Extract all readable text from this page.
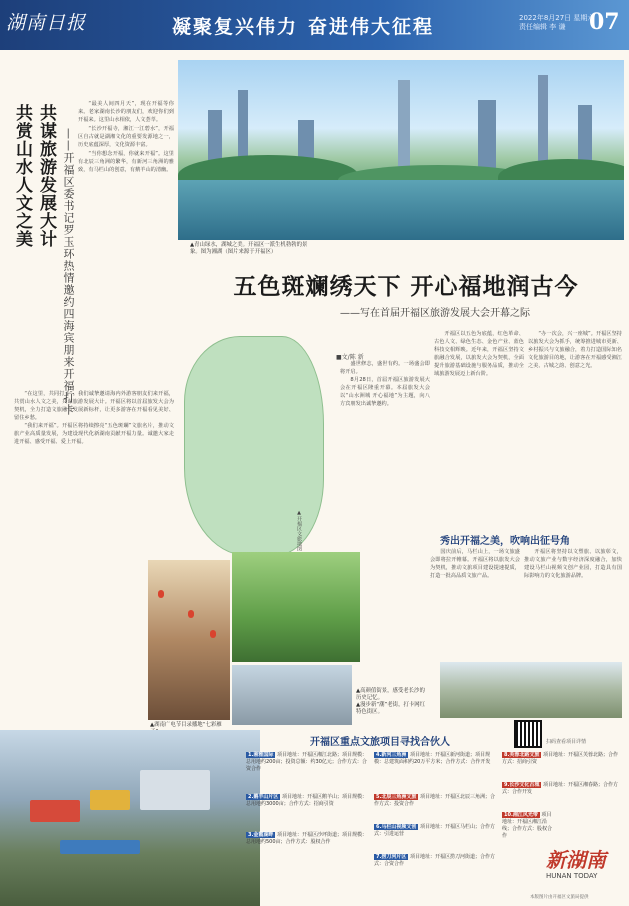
湖南日报	凝聚复兴伟力 奋进伟大征程	2022年8月27日 星期六
责任编辑 李 谦	07
共赏山水人文之美 共谋旅游发展大计 ——开福区委书记罗玉环热情邀约四海宾朋来开福打卡

“最美人间四月天”，现在开福等你来。老家湖南长沙的朋友们，欢迎你们到开福来。这里山水相依，人文荟萃。

“长沙开福寺，湘江一江碧水”，开福区自古就是湖湘文化的重要发源地之一，历史底蕴深厚，文化资源丰富。

“当你想念开福，你就来开福”。这里有北辰三角洲的繁华，有新河三角洲的雅致，有马栏山的创意，有鹅羊山的清幽。

“在这里，共同打卡”。我们诚挚邀请海内外游客朋友们来开福，共赏山水人文之美，共谋旅游发展大计。开福区将以首届旅发大会为契机，全力打造文旅融合发展新标杆，让更多游客在开福看见美好、留住乡愁。

“我们来开福”。开福区将持续擦亮“五色斑斓”文旅名片，推动文旅产业高质量发展，为建设现代化新湖南贡献开福力量。诚邀大家走进开福、感受开福、爱上开福。

▲青山绿水，湖城之美。开福区一派生机勃勃的景象。图为湘湖（图片来源于开福区）
五色斑斓绣天下 开心福地润古今
——写在首届开福区旅游发展大会开幕之际
▲开福区文旅地图
■文/陈 新

盛世修志，盛世有约。一场盛会即将开启。

8月28日，首届开福区旅游发展大会在开福区隆重开幕。本届旅发大会以“山水洲城 开心福地”为主题，向八方宾朋发出诚挚邀约。

开福区以五色为底蕴，红色革命、古色人文、绿色生态、金色产业、蓝色科技交相辉映。近年来，开福区坚持文旅融合发展，以旅发大会为契机，全面提升旅游基础设施与服务品质，推动全域旅游发展迈上新台阶。

“办一次会，兴一座城”。开福区坚持以旅发大会为抓手，统筹推进城市更新、乡村振兴与文旅融合，着力打造国际知名文化旅游目的地，让游客在开福感受湘江之美、古城之韵、创意之光。

秀出开福之美，吹响出征号角
▲高颜值街景，感受老长沙的历史记忆。
▲漫步新“潮”老街，打卡网红特色街区。
▲湖南广电节目录播地“七彩雁

国庆前后，马栏山上，一场文旅盛会即将拉开帷幕。开福区将以旅发大会为契机，推动文旅项目建设提速提质，打造一批高品质文旅产品。

开福区将坚持以文塑旅、以旅彰文，推动文旅产业与数字经济深度融合，加快建设马栏山视频文创产业园，打造具有国际影响力的文化旅游品牌。

开福区重点文旅项目寻找合伙人	扫码查看项目详情
1.湘雅国际 项目地址：开福区湘江北路；项目规模：总用地约200亩；投资总额：约30亿元；合作方式：合资合作
2.鹅羊山片区 项目地址：开福区鹅羊山；项目规模：总用地约3000亩；合作方式：招商引资
3.金霞湖畔 项目地址：开福区沙坪街道；项目规模：总用地约500亩；合作方式：股权合作
4.新河三角洲 项目地址：开福区新河街道；项目规模：总建筑面积约20万平方米；合作方式：合作开发
5.北辰三角洲文旅 项目地址：开福区北辰三角洲；合作方式：投资合作
6.马栏山视频文创 项目地址：开福区马栏山；合作方式：引进运营
7.捞刀河片区 项目地址：开福区捞刀河街道；合作方式：合资合作
8.芙蓉北路文旅 项目地址：开福区芙蓉北路；合作方式：招商引资
9.长沙文化古城 项目地址：开福区湘春路；合作方式：合作开发
10.湘江风光带 项目地址：开福区湘江沿线；合作方式：股权合作
新湖南
HUNAN TODAY
本版图片由开福区文旅局提供
